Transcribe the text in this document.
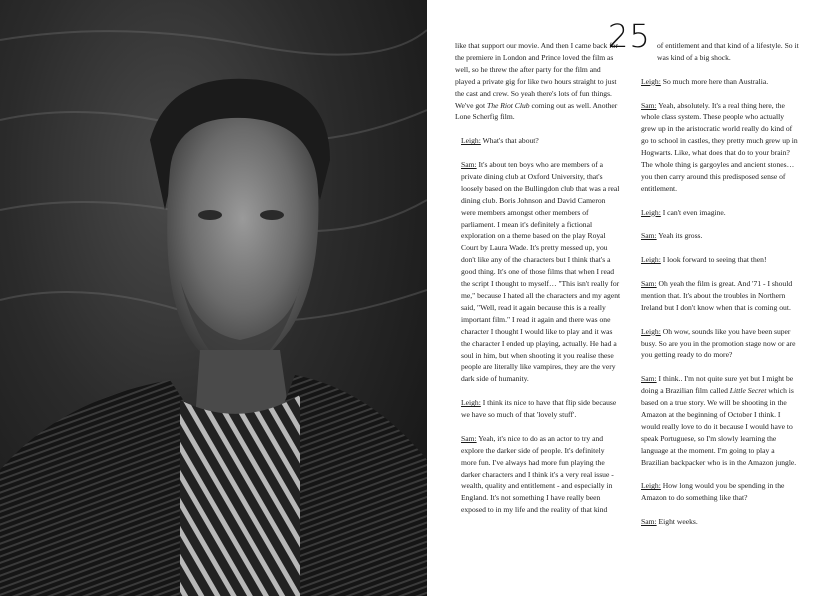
25

like that support our movie. And then I came back for the premiere in London and Prince loved the film as well, so he threw the after party for the film and played a private gig for like two hours straight to just the cast and crew. So yeah there's lots of fun things. We've got The Riot Club coming out as well. Another Lone Scherfig film.

Leigh: What's that about?

Sam: It's about ten boys who are members of a private dining club at Oxford University, that's loosely based on the Bullingdon club that was a real dining club. Boris Johnson and David Cameron were members amongst other members of parliament. I mean it's definitely a fictional exploration on a theme based on the play Royal Court by Laura Wade. It's pretty messed up, you don't like any of the characters but I think that's a good thing. It's one of those films that when I read the script I thought to myself… "This isn't really for me," because I hated all the characters and my agent said, "Well, read it again because this is a really important film." I read it again and there was one character I thought I would like to play and it was the character I ended up playing, actually. He had a soul in him, but when shooting it you realise these people are literally like vampires, they are the very dark side of humanity.

Leigh: I think its nice to have that flip side because we have so much of that 'lovely stuff'.

Sam: Yeah, it's nice to do as an actor to try and explore the darker side of people. It's definitely more fun. I've always had more fun playing the darker characters and I think it's a very real issue - wealth, quality and entitlement - and especially in England. It's not something I have really been exposed to in my life and the reality of that kind

of entitlement and that kind of a lifestyle. So it was kind of a big shock.

Leigh: So much more here than Australia.

Sam: Yeah, absolutely. It's a real thing here, the whole class system. These people who actually grew up in the aristocratic world really do kind of go to school in castles, they pretty much grew up in Hogwarts. Like, what does that do to your brain? The whole thing is gargoyles and ancient stones… you then carry around this predisposed sense of entitlement.

Leigh: I can't even imagine.

Sam: Yeah its gross.

Leigh: I look forward to seeing that then!

Sam: Oh yeah the film is great. And '71 - I should mention that. It's about the troubles in Northern Ireland but I don't know when that is coming out.

Leigh: Oh wow, sounds like you have been super busy. So are you in the promotion stage now or are you getting ready to do more?

Sam: I think.. I'm not quite sure yet but I might be doing a Brazilian film called Little Secret which is based on a true story. We will be shooting in the Amazon at the beginning of October I think. I would really love to do it because I would have to speak Portuguese, so I'm slowly learning the language at the moment. I'm going to play a Brazilian backpacker who is in the Amazon jungle.

Leigh: How long would you be spending in the Amazon to do something like that?

Sam: Eight weeks.
